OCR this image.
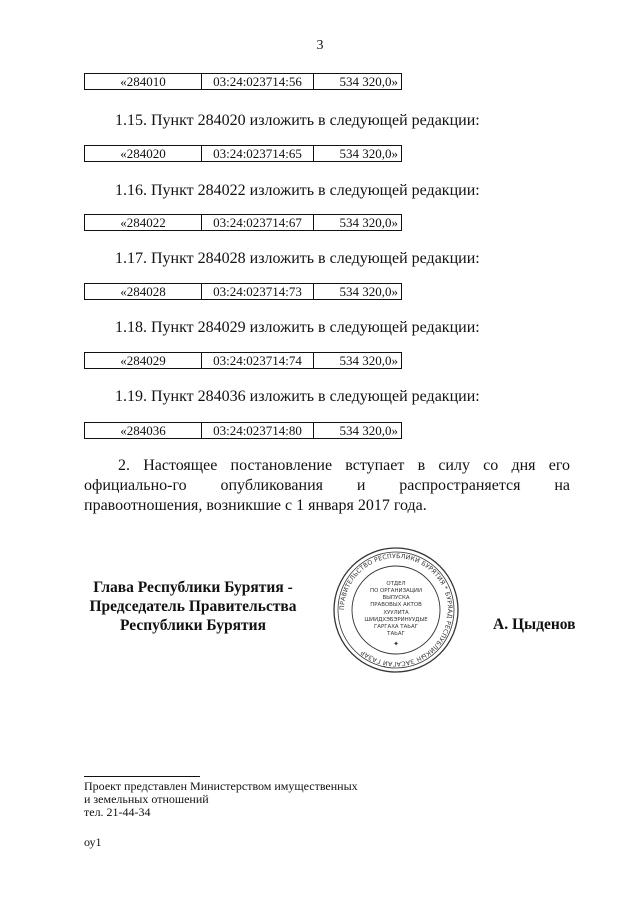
3
«284010	03:24:023714:56	534 320,0»
1.15. Пункт 284020 изложить в следующей редакции:
«284020	03:24:023714:65	534 320,0»
1.16. Пункт 284022 изложить в следующей редакции:
«284022	03:24:023714:67	534 320,0»
1.17. Пункт 284028 изложить в следующей редакции:
«284028	03:24:023714:73	534 320,0»
1.18. Пункт 284029 изложить в следующей редакции:
«284029	03:24:023714:74	534 320,0»
1.19. Пункт 284036 изложить в следующей редакции:
«284036	03:24:023714:80	534 320,0»
2. Настоящее постановление вступает в силу со дня его официально-го опубликования и распространяется на правоотношения, возникшие с 1 января 2017 года.
Глава Республики Бурятия -
Председатель Правительства
Республики Бурятия
ПРАВИТЕЛЬСТВО РЕСПУБЛИКИ БУРЯТИЯ * БУРЯАД РЕСПУБЛИКЫН ЗАСАГАЙ ГАЗАР
ОТДЕЛ
ПО ОРГАНИЗАЦИИ
ВЫПУСКА
ПРАВОВЫХ АКТОВ
ХУУЛИТА
ШИИДХЭБЭРИНУУДЫЕ
ГАРГАХА ТАЬАГ
ТАЬАГ
✦
А. Цыденов
Проект представлен Министерством имущественных
и земельных отношений
тел. 21-44-34
оу1
